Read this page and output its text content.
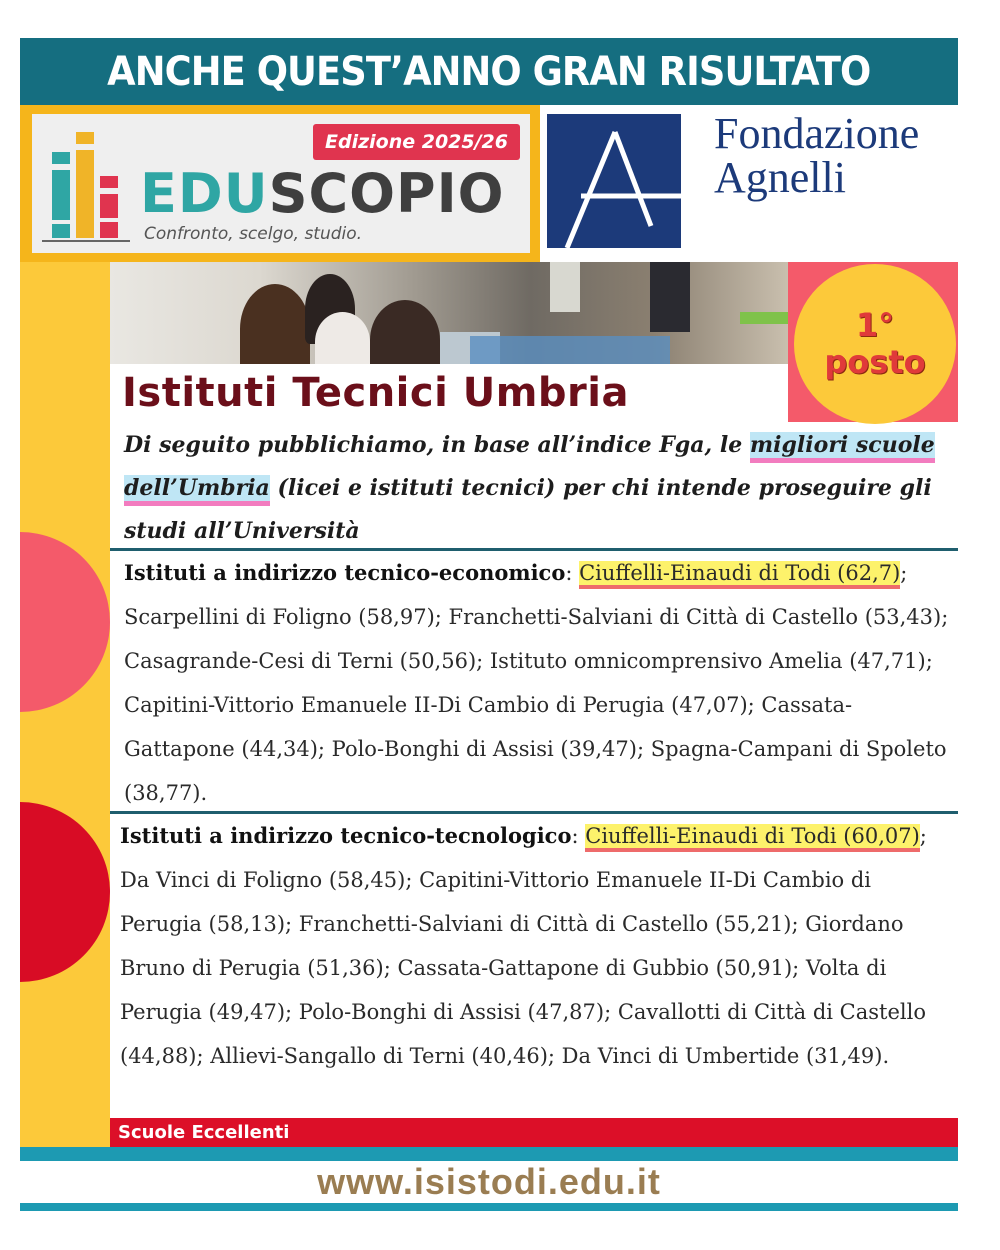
ANCHE QUEST’ANNO GRAN RISULTATO
Edizione 2025/26
EDUSCOPIO
Confronto, scelgo, studio.
Fondazione
Agnelli
1°
posto
Istituti Tecnici Umbria

Di seguito pubblichiamo, in base all’indice Fga, le migliori scuole dell’Umbria (licei e istituti tecnici) per chi intende proseguire gli studi all’Università

Istituti a indirizzo tecnico-economico: Ciuffelli-Einaudi di Todi (62,7); Scarpellini di Foligno (58,97); Franchetti-Salviani di Città di Castello (53,43); Casagrande-Cesi di Terni (50,56); Istituto omnicomprensivo Amelia (47,71); Capitini-Vittorio Emanuele II-Di Cambio di Perugia (47,07); Cassata-Gattapone (44,34); Polo-Bonghi di Assisi (39,47); Spagna-Campani di Spoleto (38,77).

Istituti a indirizzo tecnico-tecnologico: Ciuffelli-Einaudi di Todi (60,07); Da Vinci di Foligno (58,45); Capitini-Vittorio Emanuele II-Di Cambio di Perugia (58,13); Franchetti-Salviani di Città di Castello (55,21); Giordano Bruno di Perugia (51,36); Cassata-Gattapone di Gubbio (50,91); Volta di Perugia (49,47); Polo-Bonghi di Assisi (47,87); Cavallotti di Città di Castello (44,88); Allievi-Sangallo di Terni (40,46); Da Vinci di Umbertide (31,49).

Scuole Eccellenti
www.isistodi.edu.it
